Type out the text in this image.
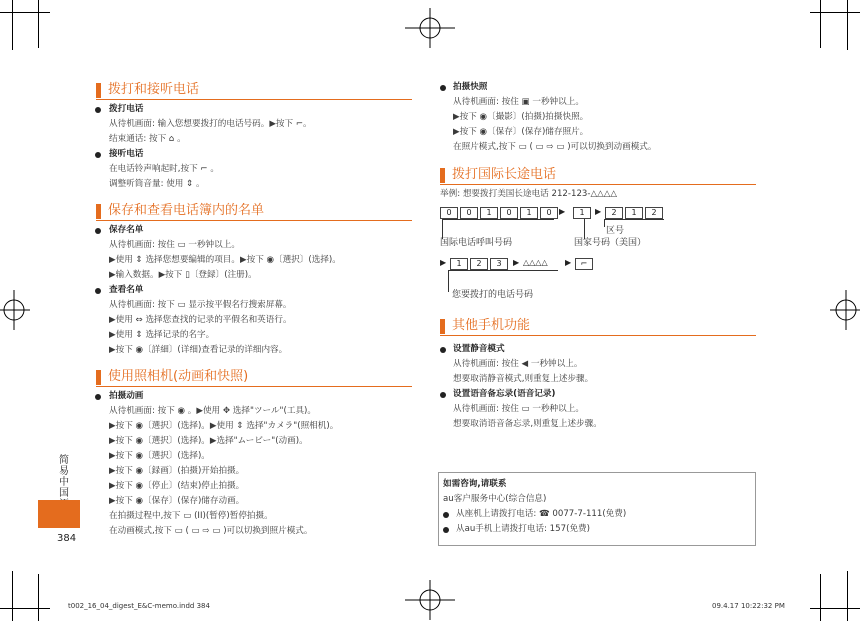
拨打和接听电话
拨打电话
从待机画面: 输入您想要拨打的电话号码。▶按下 ⌐。
结束通话: 按下 ⌂ 。
接听电话
在电话铃声响起时,按下 ⌐ 。
调整听筒音量: 使用 ⇕ 。
保存和查看电话簿内的名单
保存名单
从待机画面: 按住 ▭ 一秒钟以上。
▶使用 ⇕ 选择您想要编辑的项目。▶按下 ◉〔選択〕(选择)。
▶输入数据。▶按下 ▯〔登録〕(注册)。
查看名单
从待机画面: 按下 ▭ 显示按平假名行搜索屏幕。
▶使用 ⇔ 选择您查找的记录的平假名和英语行。
▶使用 ⇕ 选择记录的名字。
▶按下 ◉〔詳細〕(详细)查看记录的详细内容。
使用照相机(动画和快照)
拍摄动画
从待机画面: 按下 ◉ 。▶使用 ✥ 选择"ツール"(工具)。
▶按下 ◉〔選択〕(选择)。▶使用 ⇕ 选择"カメラ"(照相机)。
▶按下 ◉〔選択〕(选择)。▶选择"ムービー"(动画)。
▶按下 ◉〔選択〕(选择)。
▶按下 ◉〔録画〕(拍摄)开始拍摄。
▶按下 ◉〔停止〕(结束)停止拍摄。
▶按下 ◉〔保存〕(保存)储存动画。
在拍摄过程中,按下 ▭ (II)(暂停)暂停拍摄。
在动画模式,按下 ▭ ( ▭ ⇨ ▭ )可以切换到照片模式。
简
易
中
国
384
拍摄快照
从待机画面: 按住 ▣ 一秒钟以上。
▶按下 ◉〔撮影〕(拍摄)拍摄快照。
▶按下 ◉〔保存〕(保存)储存照片。
在照片模式,按下 ▭ ( ▭ ⇨ ▭ )可以切换到动画模式。
拨打国际长途电话
举例: 想要拨打美国长途电话 212-123-△△△△
▶	▶
区号
国际电话呼叫号码	国家号码（美国）
▶	▶ △△△△ ▶	⌐
您要拨打的电话号码
其他手机功能
设置静音模式
从待机画面: 按住 ◀ 一秒钟以上。
想要取消静音模式,则重复上述步骤。
设置语音备忘录(语音记录)
从待机画面: 按住 ▭ 一秒种以上。
想要取消语音备忘录,则重复上述步骤。
如需咨询,请联系
au客户服务中心(综合信息)
从座机上请拨打电话: ☎ 0077-7-111(免费)
从au手机上请拨打电话: 157(免费)
t002_16_04_digest_E&C-memo.indd 384	09.4.17 10:22:32 PM
0	0	1	0	1	0	1	2	1	2
1	2	3
